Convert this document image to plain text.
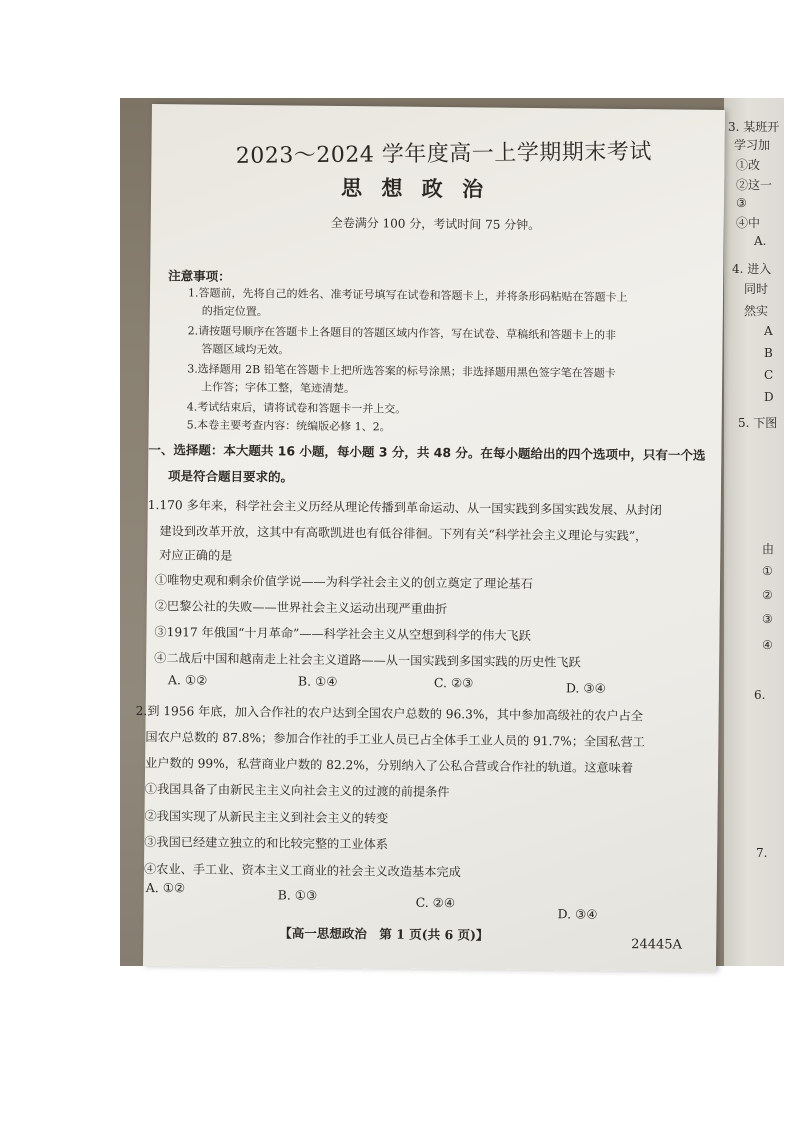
3. 某班开
学习加
①改
②这一
③
④中
A.
4. 进入
同时
然实
A
B
C
D
5. 下图
由
①
②
③
④
6.
7.
2023～2024 学年度高一上学期期末考试
思 想 政 治
全卷满分 100 分，考试时间 75 分钟。
注意事项：
1.答题前，先将自己的姓名、准考证号填写在试卷和答题卡上，并将条形码粘贴在答题卡上
的指定位置。
2.请按题号顺序在答题卡上各题目的答题区域内作答，写在试卷、草稿纸和答题卡上的非
答题区域均无效。
3.选择题用 2B 铅笔在答题卡上把所选答案的标号涂黑；非选择题用黑色签字笔在答题卡
上作答；字体工整，笔迹清楚。
4.考试结束后，请将试卷和答题卡一并上交。
5.本卷主要考查内容：统编版必修 1、2。
一、选择题：本大题共 16 小题，每小题 3 分，共 48 分。在每小题给出的四个选项中，只有一个选
项是符合题目要求的。
1.170 多年来，科学社会主义历经从理论传播到革命运动、从一国实践到多国实践发展、从封闭
建设到改革开放，这其中有高歌凯进也有低谷徘徊。下列有关“科学社会主义理论与实践”，
对应正确的是
①唯物史观和剩余价值学说——为科学社会主义的创立奠定了理论基石
②巴黎公社的失败——世界社会主义运动出现严重曲折
③1917 年俄国“十月革命”——科学社会主义从空想到科学的伟大飞跃
④二战后中国和越南走上社会主义道路——从一国实践到多国实践的历史性飞跃
A. ①②	B. ①④	C. ②③	D. ③④
2.到 1956 年底，加入合作社的农户达到全国农户总数的 96.3%，其中参加高级社的农户占全
国农户总数的 87.8%；参加合作社的手工业人员已占全体手工业人员的 91.7%；全国私营工
业户数的 99%，私营商业户数的 82.2%，分别纳入了公私合营或合作社的轨道。这意味着
①我国具备了由新民主主义向社会主义的过渡的前提条件
②我国实现了从新民主主义到社会主义的转变
③我国已经建立独立的和比较完整的工业体系
④农业、手工业、资本主义工商业的社会主义改造基本完成
A. ①②	B. ①③	C. ②④
D. ③④
【高一思想政治　第 1 页(共 6 页)】
24445A
